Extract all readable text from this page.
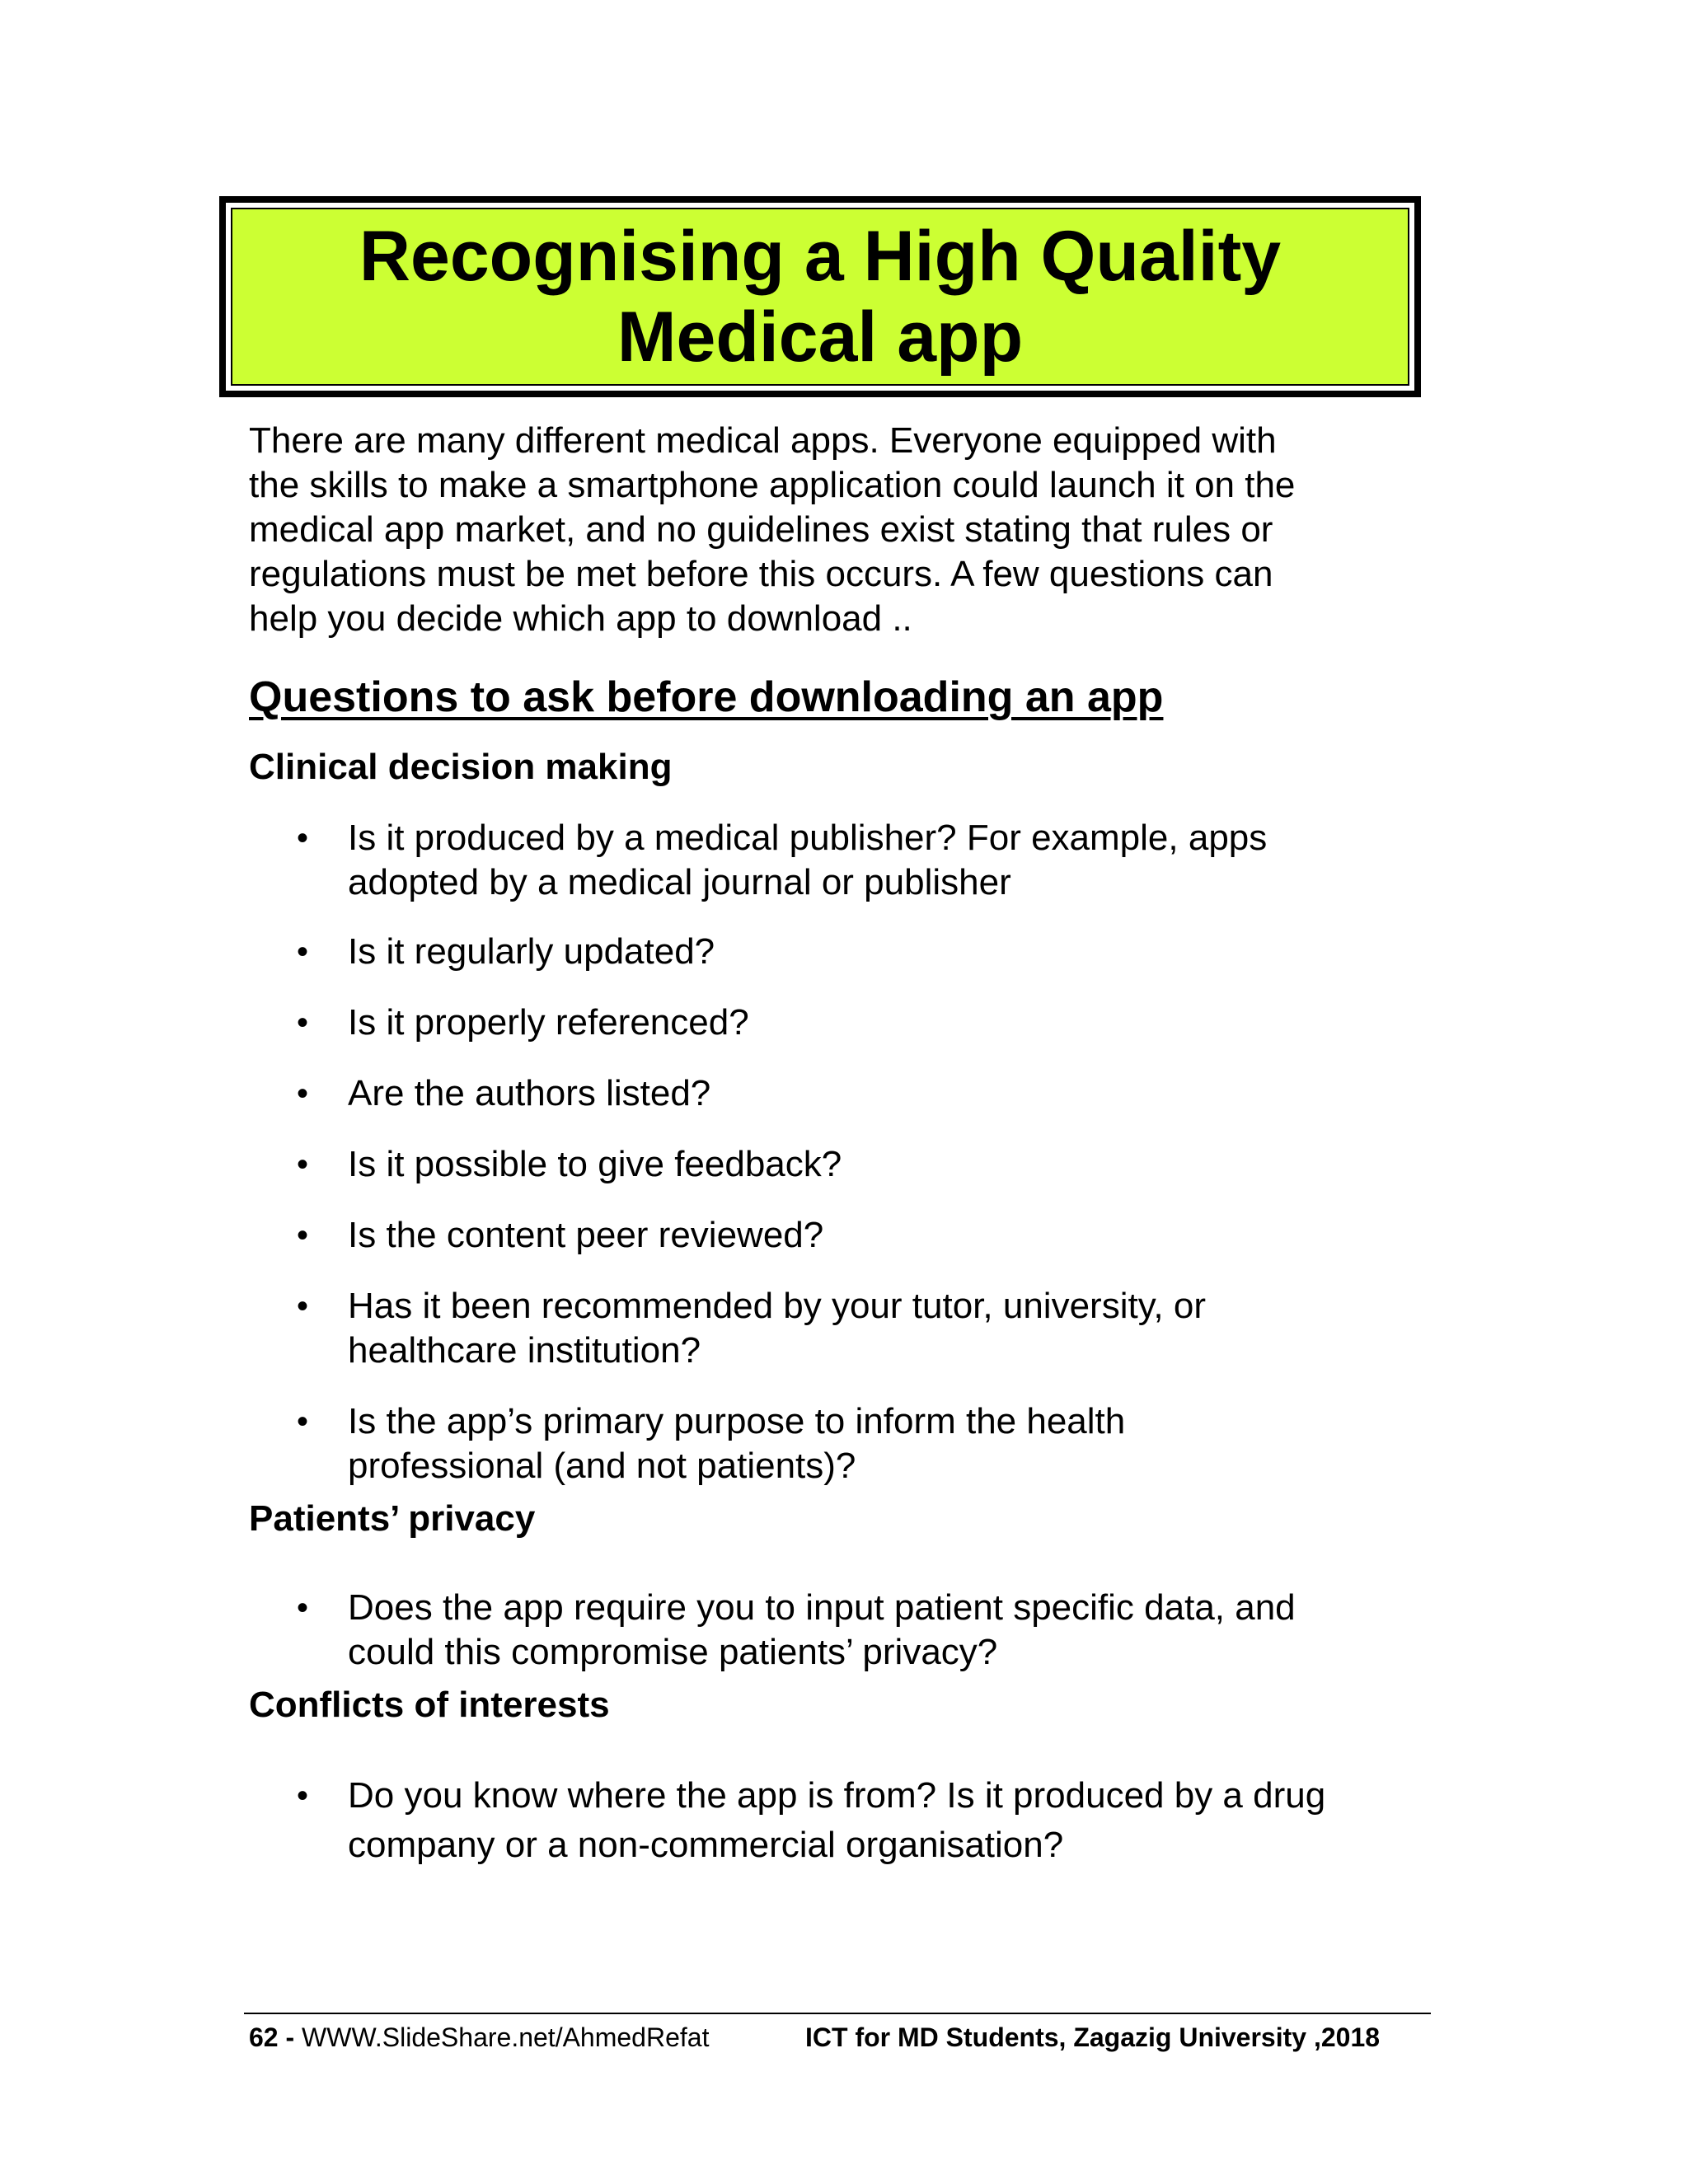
Recognising a High Quality
Medical app

There are many different medical apps. Everyone equipped with
the skills to make a smartphone application could launch it on the
medical app market, and no guidelines exist stating that rules or
regulations must be met before this occurs. A few questions can
help you decide which app to download ..

Questions to ask before downloading an app
Clinical decision making
• Is it produced by a medical publisher? For example, apps
adopted by a medical journal or publisher
• Is it regularly updated?
• Is it properly referenced?
• Are the authors listed?
• Is it possible to give feedback?
• Is the content peer reviewed?
• Has it been recommended by your tutor, university, or
healthcare institution?
• Is the app’s primary purpose to inform the health
professional (and not patients)?
Patients’ privacy
• Does the app require you to input patient specific data, and
could this compromise patients’ privacy?
Conflicts of interests
• Do you know where the app is from? Is it produced by a drug
company or a non-commercial organisation?
62 - WWW.SlideShare.net/AhmedRefat	ICT for MD Students, Zagazig University ,2018
